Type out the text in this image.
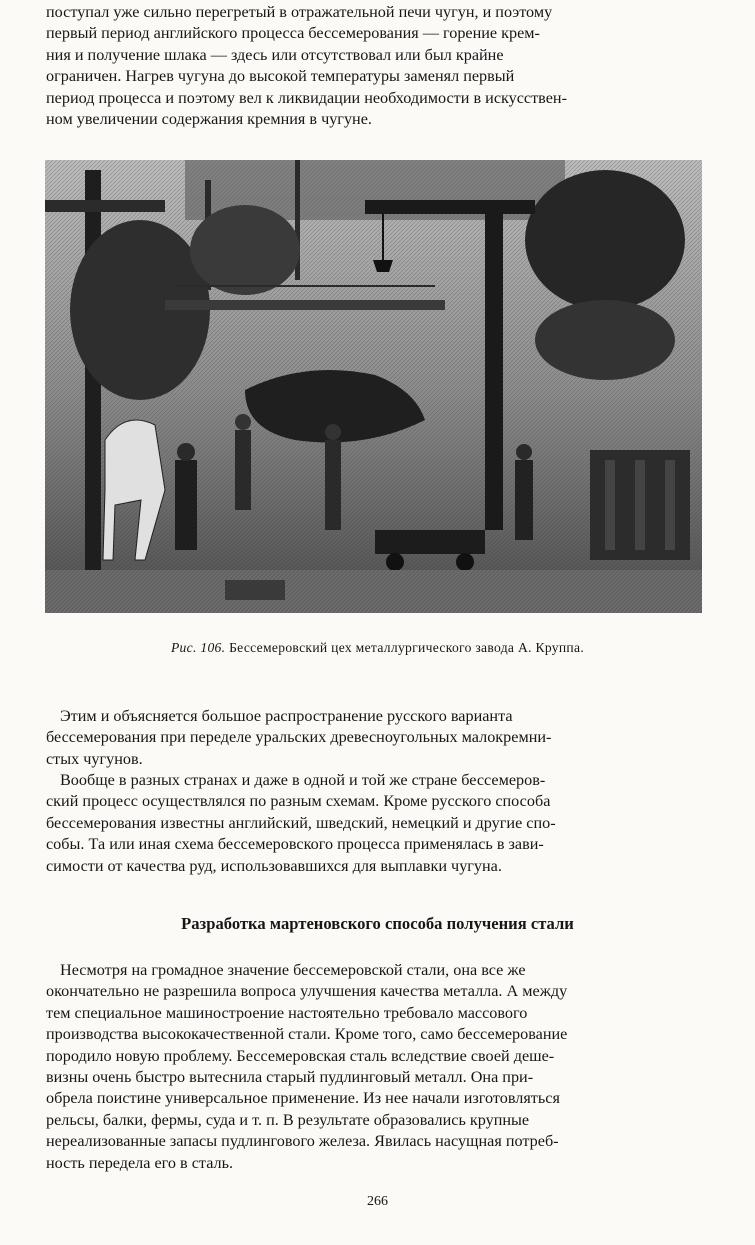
поступал уже сильно перегретый в отражательной печи чугун, и поэтому
первый период английского процесса бессемерования — горение крем-
ния и получение шлака — здесь или отсутствовал или был крайне
ограничен. Нагрев чугуна до высокой температуры заменял первый
период процесса и поэтому вел к ликвидации необходимости в искусствен-
ном увеличении содержания кремния в чугуне.
Рис. 106. Бессемеровский цех металлургического завода А. Круппа.
Этим и объясняется большое распространение русского варианта
бессемерования при переделе уральских древесноугольных малокремни-
стых чугунов.
Вообще в разных странах и даже в одной и той же стране бессемеров-
ский процесс осуществлялся по разным схемам. Кроме русского способа
бессемерования известны английский, шведский, немецкий и другие спо-
собы. Та или иная схема бессемеровского процесса применялась в зави-
симости от качества руд, использовавшихся для выплавки чугуна.
Разработка мартеновского способа получения стали
Несмотря на громадное значение бессемеровской стали, она все же
окончательно не разрешила вопроса улучшения качества металла. А между
тем специальное машиностроение настоятельно требовало массового
производства высококачественной стали. Кроме того, само бессемерование
породило новую проблему. Бессемеровская сталь вследствие своей деше-
визны очень быстро вытеснила старый пудлинговый металл. Она при-
обрела поистине универсальное применение. Из нее начали изготовляться
рельсы, балки, фермы, суда и т. п. В результате образовались крупные
нереализованные запасы пудлингового железа. Явилась насущная потреб-
ность передела его в сталь.
266
